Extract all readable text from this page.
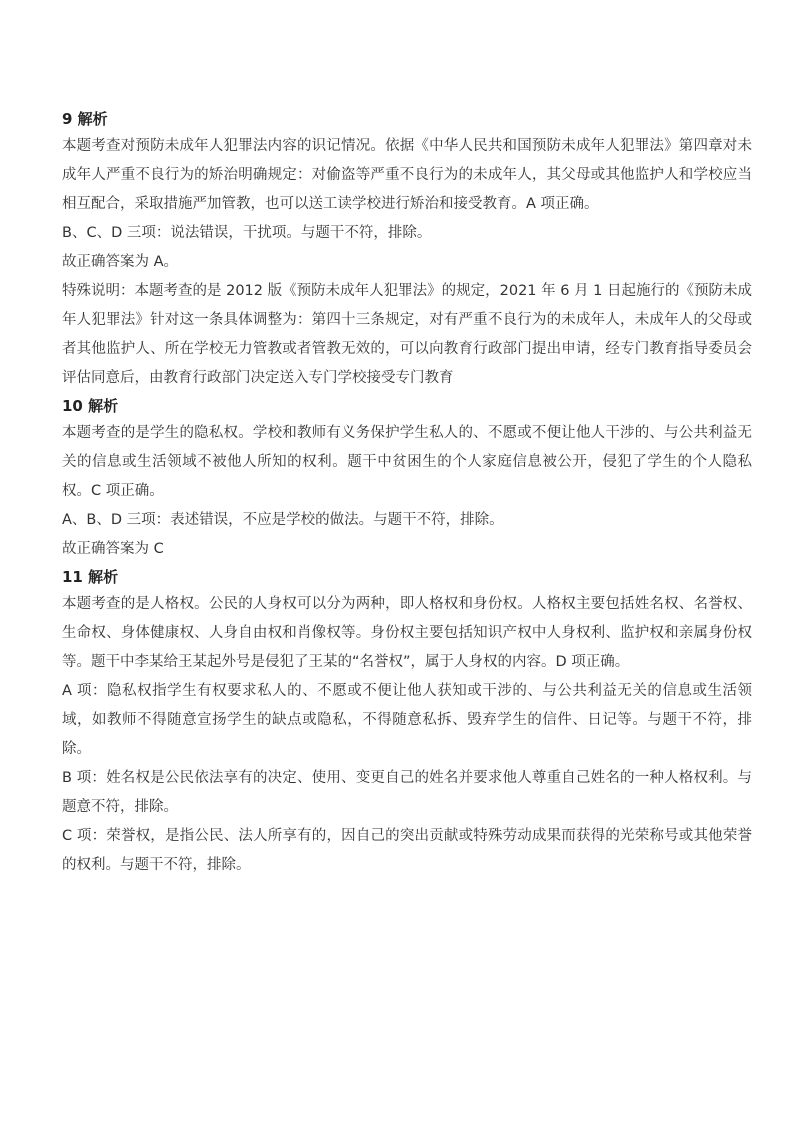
9 解析

本题考查对预防未成年人犯罪法内容的识记情况。依据《中华人民共和国预防未成年人犯罪法》第四章对未成年人严重不良行为的矫治明确规定：对偷盗等严重不良行为的未成年人，其父母或其他监护人和学校应当相互配合，采取措施严加管教，也可以送工读学校进行矫治和接受教育。A 项正确。

B、C、D 三项：说法错误，干扰项。与题干不符，排除。

故正确答案为 A。

特殊说明：本题考查的是 2012 版《预防未成年人犯罪法》的规定，2021 年 6 月 1 日起施行的《预防未成年人犯罪法》针对这一条具体调整为：第四十三条规定，对有严重不良行为的未成年人，未成年人的父母或者其他监护人、所在学校无力管教或者管教无效的，可以向教育行政部门提出申请，经专门教育指导委员会评估同意后，由教育行政部门决定送入专门学校接受专门教育

10 解析

本题考查的是学生的隐私权。学校和教师有义务保护学生私人的、不愿或不便让他人干涉的、与公共利益无关的信息或生活领域不被他人所知的权利。题干中贫困生的个人家庭信息被公开，侵犯了学生的个人隐私权。C 项正确。

A、B、D 三项：表述错误，不应是学校的做法。与题干不符，排除。

故正确答案为 C

11 解析

本题考查的是人格权。公民的人身权可以分为两种，即人格权和身份权。人格权主要包括姓名权、名誉权、生命权、身体健康权、人身自由权和肖像权等。身份权主要包括知识产权中人身权利、监护权和亲属身份权等。题干中李某给王某起外号是侵犯了王某的“名誉权”，属于人身权的内容。D 项正确。

A 项：隐私权指学生有权要求私人的、不愿或不便让他人获知或干涉的、与公共利益无关的信息或生活领域，如教师不得随意宣扬学生的缺点或隐私，不得随意私拆、毁弃学生的信件、日记等。与题干不符，排除。

B 项：姓名权是公民依法享有的决定、使用、变更自己的姓名并要求他人尊重自己姓名的一种人格权利。与题意不符，排除。

C 项：荣誉权，是指公民、法人所享有的，因自己的突出贡献或特殊劳动成果而获得的光荣称号或其他荣誉的权利。与题干不符，排除。
